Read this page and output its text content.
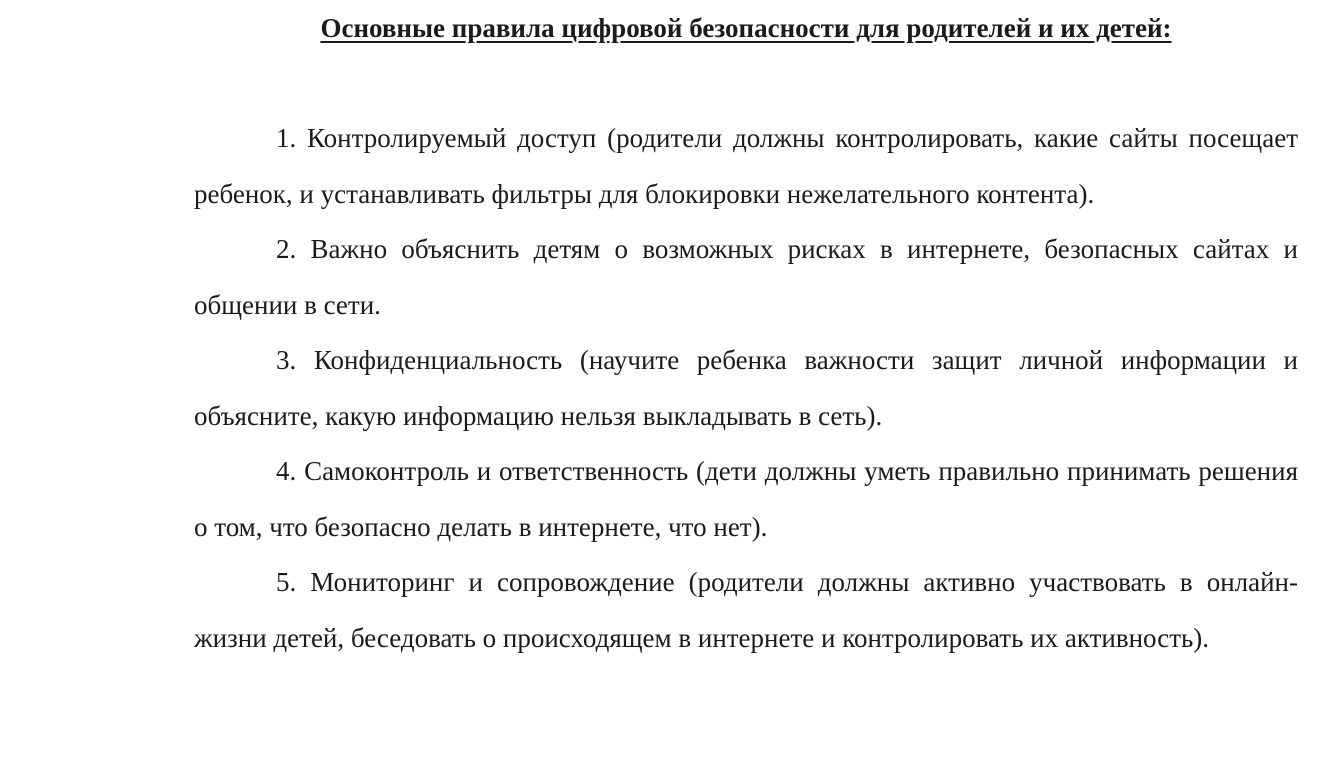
Основные правила цифровой безопасности для родителей и их детей:

1. Контролируемый доступ (родители должны контролировать, какие сайты посещает ребенок, и устанавливать фильтры для блокировки нежелательного контента).

2. Важно объяснить детям о возможных рисках в интернете, безопасных сайтах и общении в сети.

3. Конфиденциальность (научите ребенка важности защит личной информации и объясните, какую информацию нельзя выкладывать в сеть).

4. Самоконтроль и ответственность (дети должны уметь правильно принимать решения о том, что безопасно делать в интернете, что нет).

5. Мониторинг и сопровождение (родители должны активно участвовать в онлайн-жизни детей, беседовать о происходящем в интернете и контролировать их активность).
